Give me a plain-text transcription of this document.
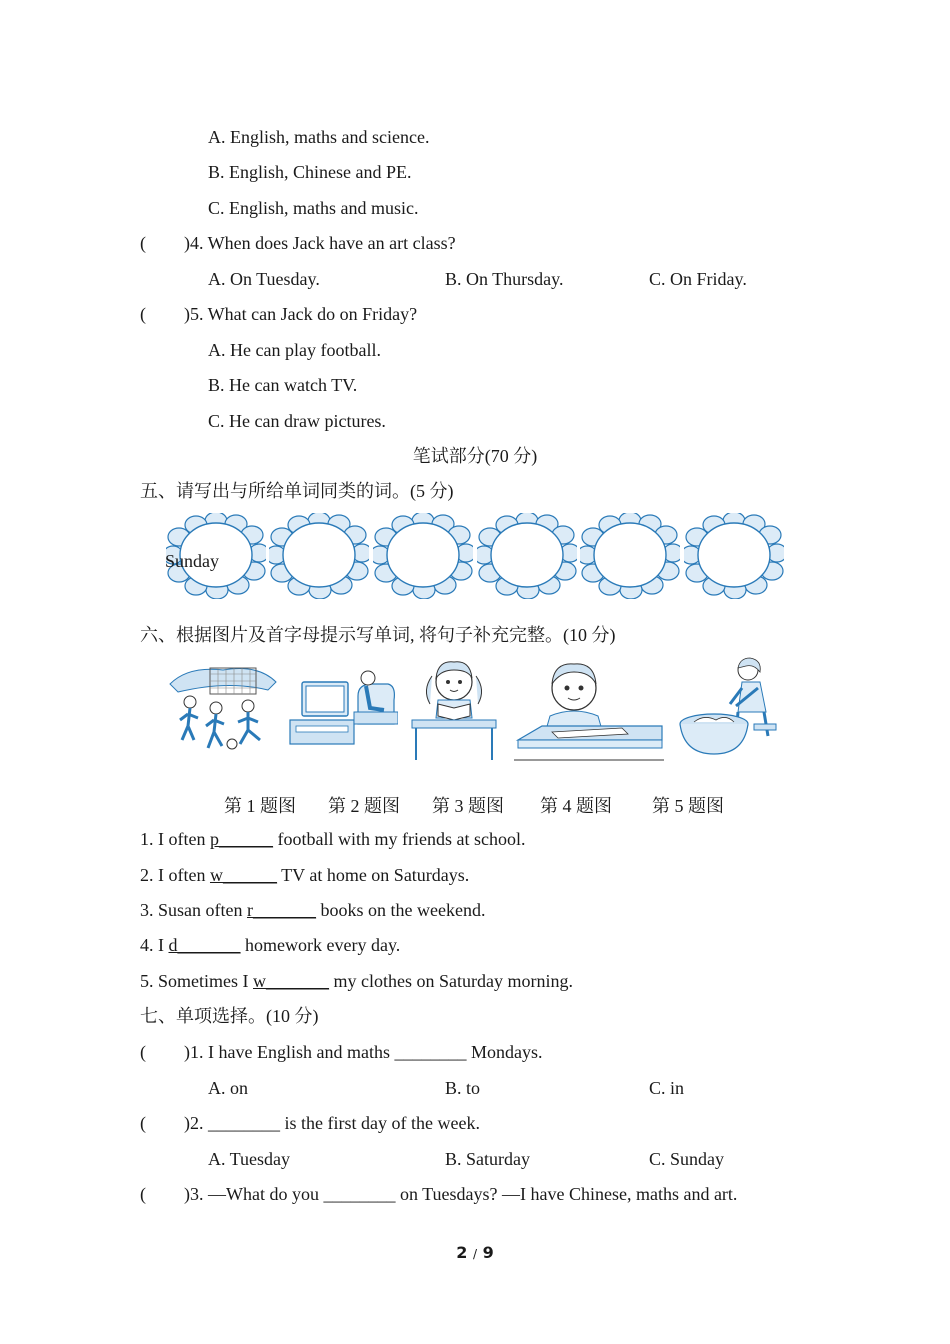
A. English, maths and science.
B. English, Chinese and PE.
C. English, maths and music.
( )4. When does Jack have an art class?
A. On Tuesday.	B. On Thursday.	C. On Friday.
( )5. What can Jack do on Friday?
A. He can play football.
B. He can watch TV.
C. He can draw pictures.
笔试部分(70 分)
五、请写出与所给单词同类的词。(5 分)
Sunday
六、根据图片及首字母提示写单词, 将句子补充完整。(10 分)
第 1 题图 第 2 题图 第 3 题图 第 4 题图 第 5 题图
1. I often p______ football with my friends at school.
2. I often w______ TV at home on Saturdays.
3. Susan often r_______ books on the weekend.
4. I d_______ homework every day.
5. Sometimes I w_______ my clothes on Saturday morning.
七、单项选择。(10 分)
( )1. I have English and maths ________ Mondays.
A. on	B. to	C. in
( )2. ________ is the first day of the week.
A. Tuesday	B. Saturday	C. Sunday
( )3. —What do you ________ on Tuesdays? —I have Chinese, maths and art.
2 / 9
